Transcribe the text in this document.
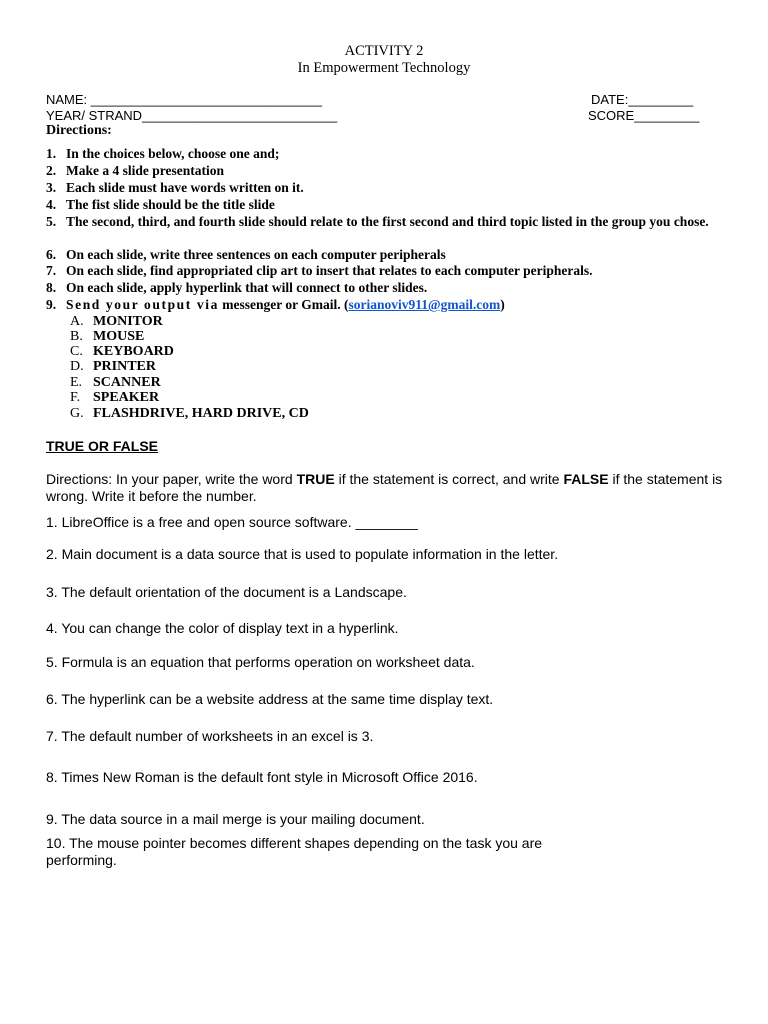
ACTIVITY 2
In Empowerment Technology
NAME: ________________________________	DATE:_________
YEAR/ STRAND___________________________	SCORE_________
Directions:
1. In the choices below, choose one and;
2. Make a 4 slide presentation
3. Each slide must have words written on it.
4. The fist slide should be the title slide
5. The second, third, and fourth slide should relate to the first second and third topic listed in the group you chose.
6. On each slide, write three sentences on each computer peripherals
7. On each slide, find appropriated clip art to insert that relates to each computer peripherals.
8. On each slide, apply hyperlink that will connect to other slides.
9. Send your output via messenger or Gmail. (sorianoviv911@gmail.com)
A. MONITOR
B. MOUSE
C. KEYBOARD
D. PRINTER
E. SCANNER
F. SPEAKER
G. FLASHDRIVE, HARD DRIVE, CD
TRUE OR FALSE
Directions: In your paper, write the word TRUE if the statement is correct, and write FALSE if the statement is wrong. Write it before the number.
1. LibreOffice is a free and open source software. ________
2. Main document is a data source that is used to populate information in the letter.
3. The default orientation of the document is a Landscape.
4. You can change the color of display text in a hyperlink.
5. Formula is an equation that performs operation on worksheet data.
6. The hyperlink can be a website address at the same time display text.
7. The default number of worksheets in an excel is 3.
8. Times New Roman is the default font style in Microsoft Office 2016.
9. The data source in a mail merge is your mailing document.
10. The mouse pointer becomes different shapes depending on the task you are performing.
